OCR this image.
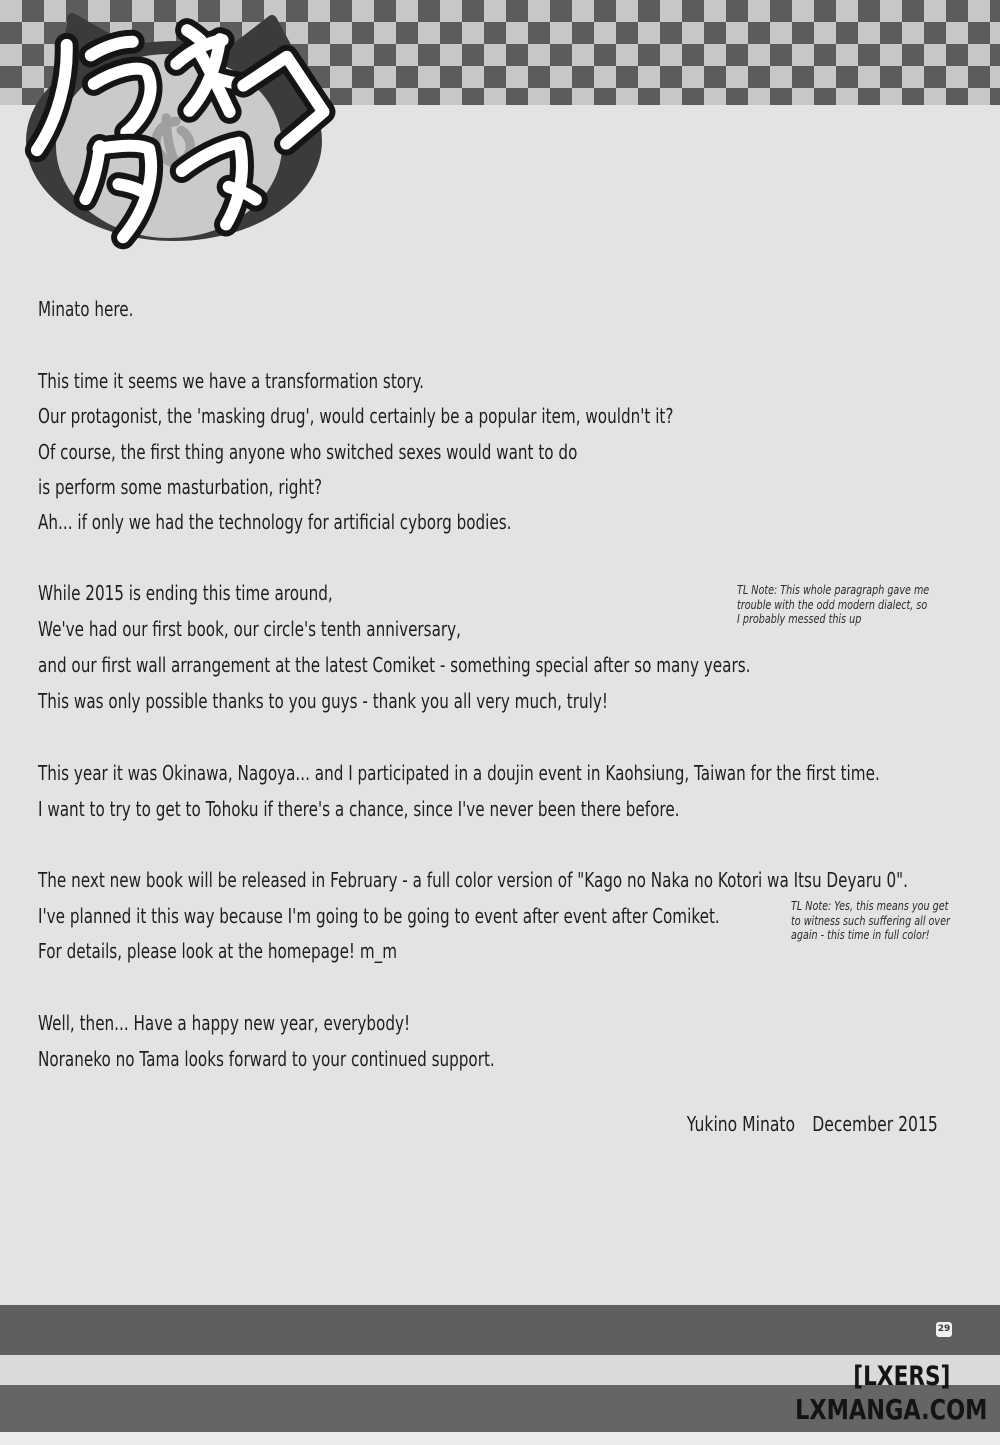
Minato here.
This time it seems we have a transformation story.
Our protagonist, the 'masking drug', would certainly be a popular item, wouldn't it?
Of course, the first thing anyone who switched sexes would want to do
is perform some masturbation, right?
Ah... if only we had the technology for artificial cyborg bodies.
While 2015 is ending this time around,
We've had our first book, our circle's tenth anniversary,
and our first wall arrangement at the latest Comiket - something special after so many years.
This was only possible thanks to you guys - thank you all very much, truly!
This year it was Okinawa, Nagoya... and I participated in a doujin event in Kaohsiung, Taiwan for the first time.
I want to try to get to Tohoku if there's a chance, since I've never been there before.
The next new book will be released in February - a full color version of "Kago no Naka no Kotori wa Itsu Deyaru 0".
I've planned it this way because I'm going to be going to event after event after Comiket.
For details, please look at the homepage! m_m
Well, then... Have a happy new year, everybody!
Noraneko no Tama looks forward to your continued support.
TL Note: This whole paragraph gave me
trouble with the odd modern dialect, so
I probably messed this up
TL Note: Yes, this means you get
to witness such suffering all over
again - this time in full color!
Yukino Minato December 2015
29
[LXERS]
LXMANGA.COM
